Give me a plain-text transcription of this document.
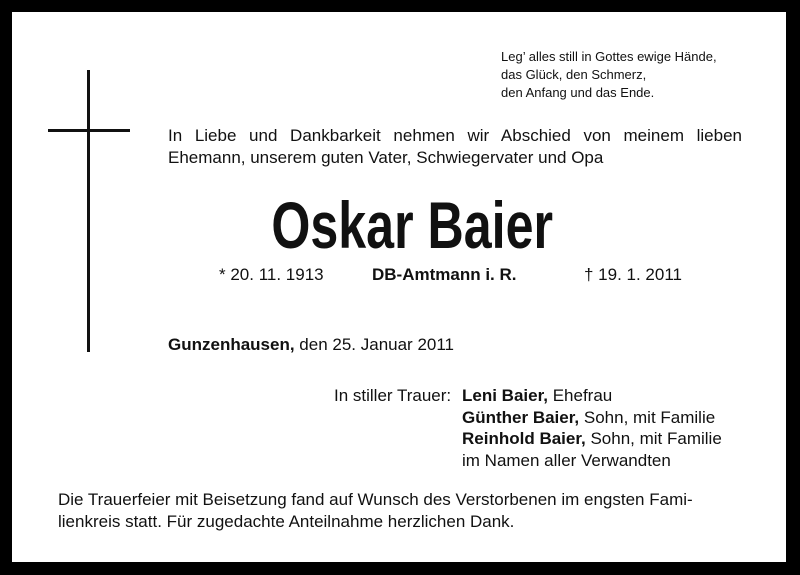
Leg’ alles still in Gottes ewige Hände,
das Glück, den Schmerz,
den Anfang und das Ende.
In Liebe und Dankbarkeit nehmen wir Abschied von meinem lieben
Ehemann, unserem guten Vater, Schwiegervater und Opa
Oskar Baier
* 20. 11. 1913	DB-Amtmann i. R.	† 19. 1. 2011
Gunzenhausen, den 25. Januar 2011
In stiller Trauer: Leni Baier, Ehefrau
Günther Baier, Sohn, mit Familie
Reinhold Baier, Sohn, mit Familie
im Namen aller Verwandten
Die Trauerfeier mit Beisetzung fand auf Wunsch des Verstorbenen im engsten Fami-
lienkreis statt. Für zugedachte Anteilnahme herzlichen Dank.
